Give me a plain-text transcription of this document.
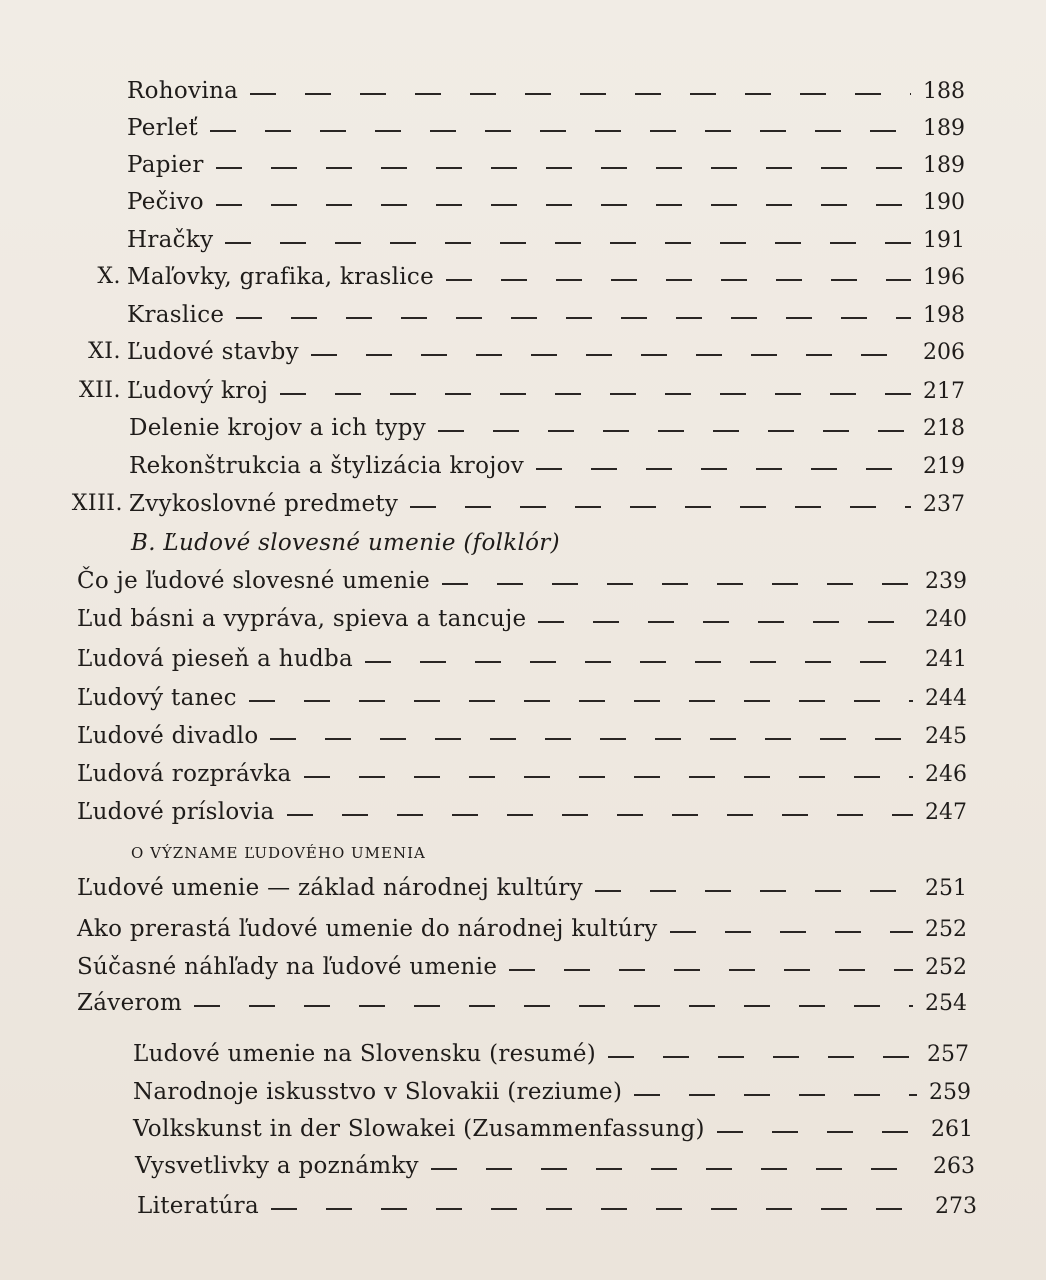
Rohovina	188
Perleť	189
Papier	189
Pečivo	190
Hračky	191
X. Maľovky, grafika, kraslice	196
Kraslice	198
XI. Ľudové stavby	206
XII. Ľudový kroj	217
Delenie krojov a ich typy	218
Rekonštrukcia a štylizácia krojov	219
XIII. Zvykoslovné predmety	237
B. Ľudové slovesné umenie (folklór)
Čo je ľudové slovesné umenie	239
Ľud básni a vypráva, spieva a tancuje	240
Ľudová pieseň a hudba	241
Ľudový tanec	244
Ľudové divadlo	245
Ľudová rozprávka	246
Ľudové príslovia	247
O VÝZNAME ĽUDOVÉHO UMENIA
Ľudové umenie — základ národnej kultúry	251
Ako prerastá ľudové umenie do národnej kultúry	252
Súčasné náhľady na ľudové umenie	252
Záverom	254
Ľudové umenie na Slovensku (resumé)	257
Narodnoje iskusstvo v Slovakii (reziume)	259
Volkskunst in der Slowakei (Zusammenfassung)	261
Vysvetlivky a poznámky	263
Literatúra	273
